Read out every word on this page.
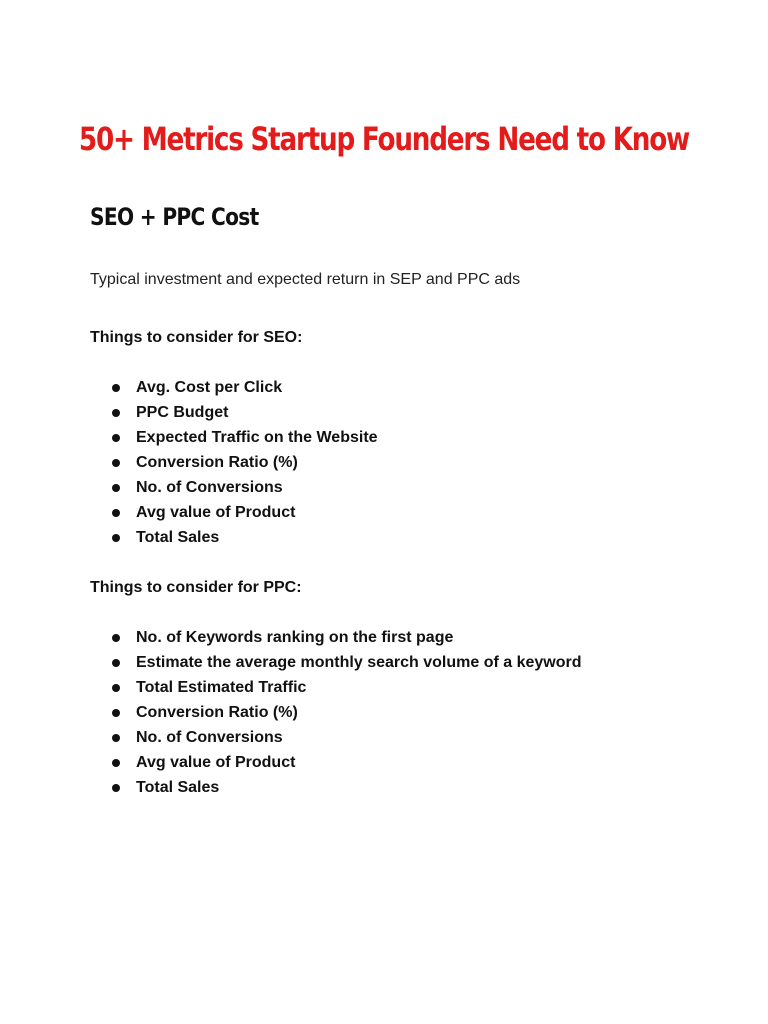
50+ Metrics Startup Founders Need to Know
SEO + PPC Cost

Typical investment and expected return in SEP and PPC ads

Things to consider for SEO:
Avg. Cost per Click
PPC Budget
Expected Traffic on the Website
Conversion Ratio (%)
No. of Conversions
Avg value of Product
Total Sales
Things to consider for PPC:
No. of Keywords ranking on the first page
Estimate the average monthly search volume of a keyword
Total Estimated Traffic
Conversion Ratio (%)
No. of Conversions
Avg value of Product
Total Sales
